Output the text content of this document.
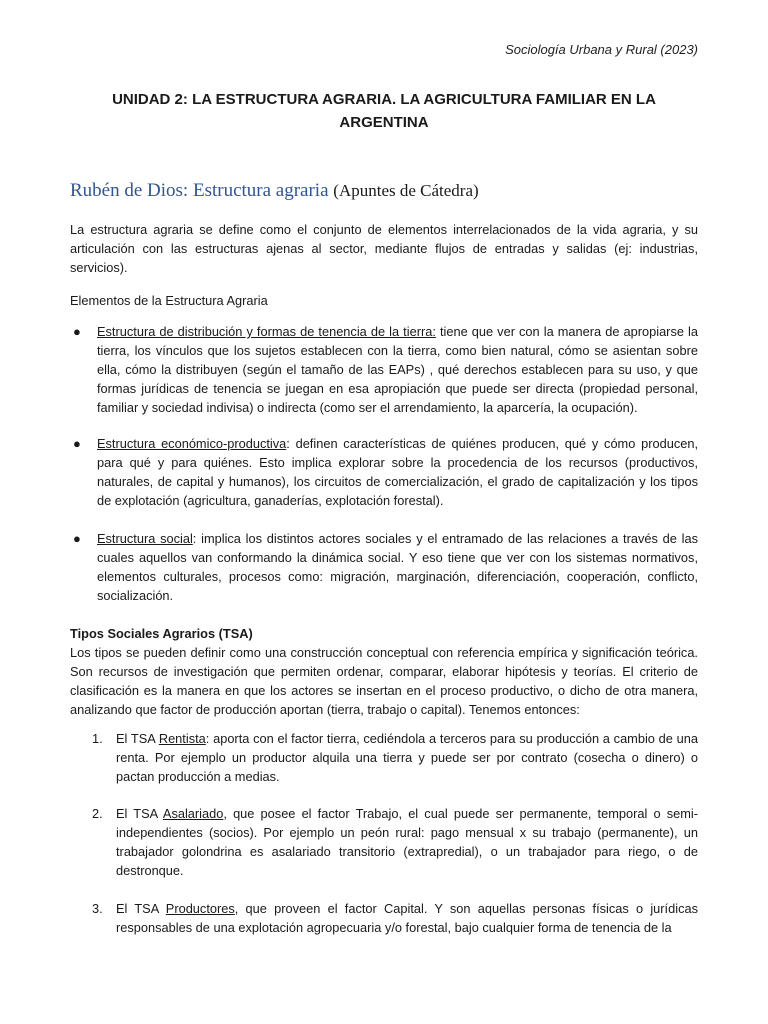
Sociología Urbana y Rural (2023)
UNIDAD 2: LA ESTRUCTURA AGRARIA. LA AGRICULTURA FAMILIAR EN LA ARGENTINA
Rubén de Dios: Estructura agraria (Apuntes de Cátedra)
La estructura agraria se define como el conjunto de elementos interrelacionados de la vida agraria, y su articulación con las estructuras ajenas al sector, mediante flujos de entradas y salidas (ej: industrias, servicios).
Elementos de la Estructura Agraria
● Estructura de distribución y formas de tenencia de la tierra: tiene que ver con la manera de apropiarse la tierra, los vínculos que los sujetos establecen con la tierra, como bien natural, cómo se asientan sobre ella, cómo la distribuyen (según el tamaño de las EAPs) , qué derechos establecen para su uso, y que formas jurídicas de tenencia se juegan en esa apropiación que puede ser directa (propiedad personal, familiar y sociedad indivisa) o indirecta (como ser el arrendamiento, la aparcería, la ocupación).
● Estructura económico-productiva: definen características de quiénes producen, qué y cómo producen, para qué y para quiénes. Esto implica explorar sobre la procedencia de los recursos (productivos, naturales, de capital y humanos), los circuitos de comercialización, el grado de capitalización y los tipos de explotación (agricultura, ganaderías, explotación forestal).
● Estructura social: implica los distintos actores sociales y el entramado de las relaciones a través de las cuales aquellos van conformando la dinámica social. Y eso tiene que ver con los sistemas normativos, elementos culturales, procesos como: migración, marginación, diferenciación, cooperación, conflicto, socialización.
Tipos Sociales Agrarios (TSA)
Los tipos se pueden definir como una construcción conceptual con referencia empírica y significación teórica. Son recursos de investigación que permiten ordenar, comparar, elaborar hipótesis y teorías. El criterio de clasificación es la manera en que los actores se insertan en el proceso productivo, o dicho de otra manera, analizando que factor de producción aportan (tierra, trabajo o capital). Tenemos entonces:
1. El TSA Rentista: aporta con el factor tierra, cediéndola a terceros para su producción a cambio de una renta. Por ejemplo un productor alquila una tierra y puede ser por contrato (cosecha o dinero) o pactan producción a medias.
2. El TSA Asalariado, que posee el factor Trabajo, el cual puede ser permanente, temporal o semi-independientes (socios). Por ejemplo un peón rural: pago mensual x su trabajo (permanente), un trabajador golondrina es asalariado transitorio (extrapredial), o un trabajador para riego, o de destronque.
3. El TSA Productores, que proveen el factor Capital. Y son aquellas personas físicas o jurídicas responsables de una explotación agropecuaria y/o forestal, bajo cualquier forma de tenencia de la
